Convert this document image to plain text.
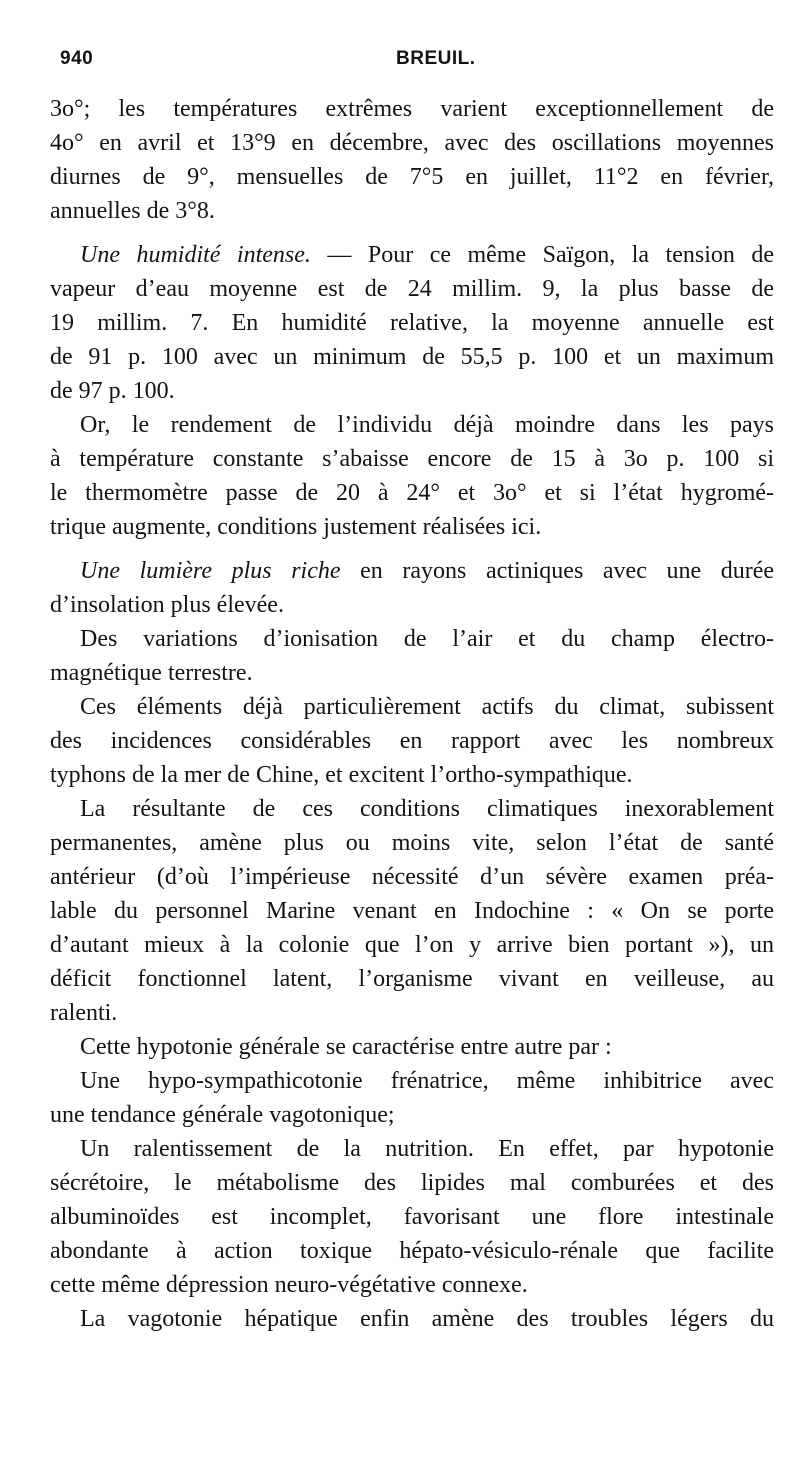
940	BREUIL.
3o°; les températures extrêmes varient exceptionnellement de
4o° en avril et 13°9 en décembre, avec des oscillations moyennes
diurnes de 9°, mensuelles de 7°5 en juillet, 11°2 en février,
annuelles de 3°8.
Une humidité intense. — Pour ce même Saïgon, la tension de
vapeur d’eau moyenne est de 24 millim. 9, la plus basse de
19 millim. 7. En humidité relative, la moyenne annuelle est
de 91 p. 100 avec un minimum de 55,5 p. 100 et un maximum
de 97 p. 100.
Or, le rendement de l’individu déjà moindre dans les pays
à température constante s’abaisse encore de 15 à 3o p. 100 si
le thermomètre passe de 20 à 24° et 3o° et si l’état hygromé-
trique augmente, conditions justement réalisées ici.
Une lumière plus riche en rayons actiniques avec une durée
d’insolation plus élevée.
Des variations d’ionisation de l’air et du champ électro-
magnétique terrestre.
Ces éléments déjà particulièrement actifs du climat, subissent
des incidences considérables en rapport avec les nombreux
typhons de la mer de Chine, et excitent l’ortho-sympathique.
La résultante de ces conditions climatiques inexorablement
permanentes, amène plus ou moins vite, selon l’état de santé
antérieur (d’où l’impérieuse nécessité d’un sévère examen préa-
lable du personnel Marine venant en Indochine : « On se porte
d’autant mieux à la colonie que l’on y arrive bien portant »), un
déficit fonctionnel latent, l’organisme vivant en veilleuse, au
ralenti.
Cette hypotonie générale se caractérise entre autre par :
Une hypo-sympathicotonie frénatrice, même inhibitrice avec
une tendance générale vagotonique;
Un ralentissement de la nutrition. En effet, par hypotonie
sécrétoire, le métabolisme des lipides mal comburées et des
albuminoïdes est incomplet, favorisant une flore intestinale
abondante à action toxique hépato-vésiculo-rénale que facilite
cette même dépression neuro-végétative connexe.
La vagotonie hépatique enfin amène des troubles légers du
